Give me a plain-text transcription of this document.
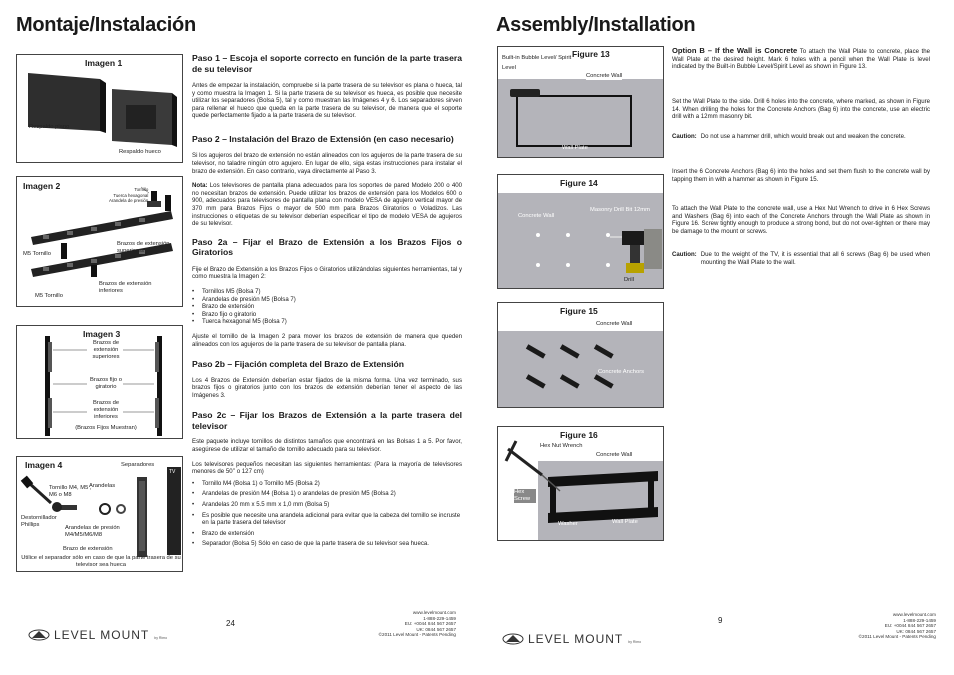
Montaje/Instalación
Imagen 1
Respaldo plano
Respaldo hueco
Imagen 2	Tornillo
Tuerca hexagonal
Arandela de presión
Brazos de extensión superiores
M5 Tornillo
Brazos de extensión inferiores
M5 Tornillo
Imagen 3
Brazos de extensión superiores
Brazos fijo o giratorio
Brazos de extensión inferiores
(Brazos Fijos Muestran)
Imagen 4	Separadores
TV
Tornillo M4, M5 , M6 o M8
Arandelas
Destornillador Phillips	Arandelas de presión M4/M5/M6/M8
Brazo de extensión
Utilice el separador sólo en caso de que la parte trasera de su televisor sea hueca
Paso 1 – Escoja el soporte correcto en función de la parte trasera de su televisor
Antes de empezar la instalación, compruebe si la parte trasera de su televisor es plana o hueca, tal y como muestra la Imagen 1. Si la parte trasera de su televisor es hueca, es posible que necesite utilizar los separadores (Bolsa 5), tal y como muestran las Imágenes 4 y 6. Los separadores sirven para rellenar el hueco que queda en la parte trasera de su televisor, de manera que el soporte quede perfectamente fijado a la parte trasera de su televisor.
Paso 2 – Instalación del Brazo de Extensión (en caso necesario)
Si los agujeros del brazo de extensión no están alineados con los agujeros de la parte trasera de su televisor, no taladre ningún otro agujero. En lugar de ello, siga estas instrucciones para instalar el brazo de extensión. En caso contrario, vaya directamente al Paso 3.
Nota: Los televisores de pantalla plana adecuados para los soportes de pared Modelo 200 o 400 no necesitan brazos de extensión. Puede utilizar los brazos de extensión para los Modelos 600 o 900, adecuados para televisores de pantalla plana con modelo VESA de agujero vertical mayor de 370 mm para Brazos Fijos o mayor de 500 mm para Brazos Giratorios o Voladizos. Las instrucciones o etiquetas de su televisor deberían especificar el tipo de modelo VESA de agujeros de su televisor.
Paso 2a – Fijar el Brazo de Extensión a los Brazos Fijos o Giratorios
Fije el Brazo de Extensión a los Brazos Fijos o Giratorios utilizándolas siguientes herramientas, tal y como muestra la Imagen 2:
• Tornillos M5 (Bolsa 7)
• Arandelas de presión M5 (Bolsa 7)
• Brazo de extensión
• Brazo fijo o giratorio
• Tuerca hexagonal M5 (Bolsa 7)
Ajuste el tornillo de la Imagen 2 para mover los brazos de extensión de manera que queden alineados con los agujeros de la parte trasera de su televisor de pantalla plana.
Paso 2b – Fijación completa del Brazo de Extensión
Los 4 Brazos de Extensión deberían estar fijados de la misma forma. Una vez terminado, sus brazos fijos o giratorios junto con los brazos de extensión deberían tener el aspecto de las Imágenes 3.
Paso 2c – Fijar los Brazos de Extensión a la parte trasera del televisor
Este paquete incluye tornillos de distintos tamaños que encontrará en las Bolsas 1 a 5. Por favor, asegúrese de utilizar el tamaño de tornillo adecuado para su televisor.
Los televisores pequeños necesitan las siguientes herramientas: (Para la mayoría de televisores menores de 50’’ o 127 cm)
• Tornillo M4 (Bolsa 1) o Tornillo M5 (Bolsa 2)
• Arandelas de presión M4 (Bolsa 1) o arandelas de presión M5 (Bolsa 2)
• Arandelas 20 mm x 5.5 mm x 1,0 mm (Bolsa 5)
• Es posible que necesite una arandela adicional para evitar que la cabeza del tornillo se incruste en la parte trasera del televisor
• Brazo de extensión
• Separador (Bolsa 5) Sólo en caso de que la parte trasera de su televisor sea hueca.
LEVEL MOUNT by Rimo
24
www.levelmount.com
1-888-229-1459
EU: +0044 844 567 2657
UK: 0844 567 2657
©2011 Level Mount - Patents Pending
Assembly/Installation
Figure 13
Built-in Bubble Level/ Spirit Level
Concrete Wall
Wall Plate
Figure 14
Concrete Wall
Masonry Drill Bit 12mm
Drill
Figure 15
Concrete Wall
Concrete Anchors
Figure 16
Hex Nut Wrench
Concrete Wall
Hex Screw
Washer	Wall Plate
Option B – If the Wall is Concrete To attach the Wall Plate to concrete, place the Wall Plate at the desired height. Mark 6 holes with a pencil when the Wall Plate is level indicated by the Built-in Bubble Level/Spirit Level as shown in Figure 13.
Set the Wall Plate to the side. Drill 6 holes into the concrete, where marked, as shown in Figure 14. When drilling the holes for the Concrete Anchors (Bag 6) into the concrete, use an electric drill with a 12mm masonry bit.
Caution: Do not use a hammer drill, which would break out and weaken the concrete.
Insert the 6 Concrete Anchors (Bag 6) into the holes and set them flush to the concrete wall by tapping them in with a hammer as shown in Figure 15.
To attach the Wall Plate to the concrete wall, use a Hex Nut Wrench to drive in 6 Hex Screws and Washers (Bag 6) into each of the Concrete Anchors through the Wall Plate as shown in Figure 16. Screw tightly enough to produce a strong bond, but do not over-tighten or there may be damage to the mount or screws.
Caution: Due to the weight of the TV, it is essential that all 6 screws (Bag 6) be used when mounting the Wall Plate to the wall.
LEVEL MOUNT by Rimo
9
www.levelmount.com
1-888-229-1459
EU: +0044 844 567 2657
UK: 0844 567 2657
©2011 Level Mount - Patents Pending
